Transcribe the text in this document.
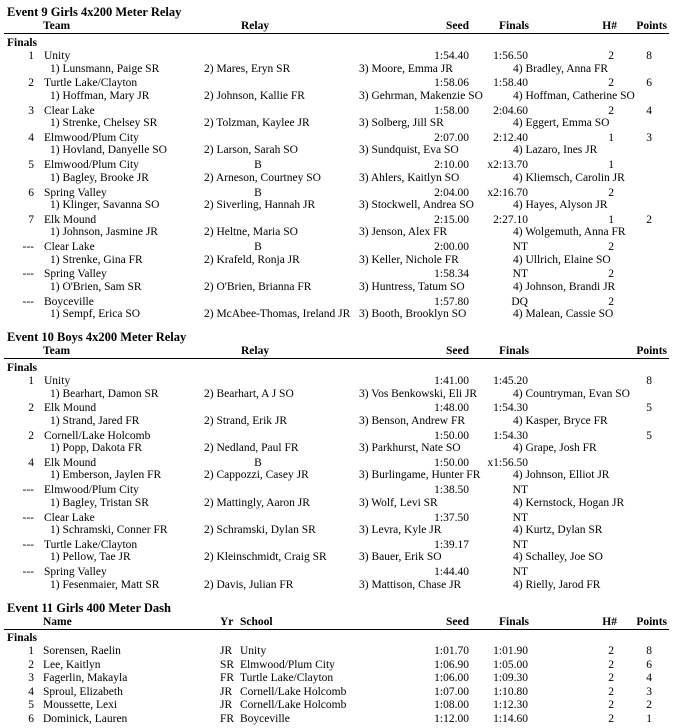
Event 9 Girls 4x200 Meter Relay
Team	Relay	Seed	Finals	H# Points
Finals
1 Unity	1:54.40 1:56.50	2	8
1) Lunsmann, Paige SR	2) Mares, Eryn SR	3) Moore, Emma JR	4) Bradley, Anna FR
2 Turtle Lake/Clayton	1:58.06 1:58.40	2	6
1) Hoffman, Mary JR	2) Johnson, Kallie FR	3) Gehrman, Makenzie SO	4) Hoffman, Catherine SO
3 Clear Lake	1:58.00 2:04.60	2	4
1) Strenke, Chelsey SR	2) Tolzman, Kaylee JR	3) Solberg, Jill SR	4) Eggert, Emma SO
4 Elmwood/Plum City	2:07.00 2:12.40	1	3
1) Hovland, Danyelle SO	2) Larson, Sarah SO	3) Sundquist, Eva SO	4) Lazaro, Ines JR
5 Elmwood/Plum City	B	2:10.00 x2:13.70	1
1) Bagley, Brooke JR	2) Arneson, Courtney SO	3) Ahlers, Kaitlyn SO	4) Kliemsch, Carolin JR
6 Spring Valley	B	2:04.00 x2:16.70	2
1) Klinger, Savanna SO	2) Siverling, Hannah JR	3) Stockwell, Andrea SO	4) Hayes, Alyson JR
7 Elk Mound	2:15.00 2:27.10	1	2
1) Johnson, Jasmine JR	2) Heltne, Maria SO	3) Jenson, Alex FR	4) Wolgemuth, Anna FR
--- Clear Lake	B	2:00.00	NT	2
1) Strenke, Gina FR	2) Krafeld, Ronja JR	3) Keller, Nichole FR	4) Ullrich, Elaine SO
--- Spring Valley	1:58.34	NT	2
1) O'Brien, Sam SR	2) O'Brien, Brianna FR	3) Huntress, Tatum SO	4) Johnson, Brandi JR
--- Boyceville	1:57.80	DQ	2
1) Sempf, Erica SO	2) McAbee-Thomas, Ireland JR 3) Booth, Brooklyn SO	4) Malean, Cassie SO
Event 10 Boys 4x200 Meter Relay
Team	Relay	Seed	Finals	Points
Finals
1 Unity	1:41.00 1:45.20	8
1) Bearhart, Damon SR	2) Bearhart, A J SO	3) Vos Benkowski, Eli JR	4) Countryman, Evan SO
2 Elk Mound	1:48.00 1:54.30	5
1) Strand, Jared FR	2) Strand, Erik JR	3) Benson, Andrew FR	4) Kasper, Bryce FR
2 Cornell/Lake Holcomb	1:50.00 1:54.30	5
1) Popp, Dakota FR	2) Nedland, Paul FR	3) Parkhurst, Nate SO	4) Grape, Josh FR
4 Elk Mound	B	1:50.00 x1:56.50
1) Emberson, Jaylen FR	2) Cappozzi, Casey JR	3) Burlingame, Hunter FR	4) Johnson, Elliot JR
--- Elmwood/Plum City	1:38.50	NT
1) Bagley, Tristan SR	2) Mattingly, Aaron JR	3) Wolf, Levi SR	4) Kernstock, Hogan JR
--- Clear Lake	1:37.50	NT
1) Schramski, Conner FR	2) Schramski, Dylan SR	3) Levra, Kyle JR	4) Kurtz, Dylan SR
--- Turtle Lake/Clayton	1:39.17	NT
1) Pellow, Tae JR	2) Kleinschmidt, Craig SR	3) Bauer, Erik SO	4) Schalley, Joe SO
--- Spring Valley	1:44.40	NT
1) Fesenmaier, Matt SR	2) Davis, Julian FR	3) Mattison, Chase JR	4) Rielly, Jarod FR
Event 11 Girls 400 Meter Dash
Name	Yr School	Seed	Finals	H# Points
Finals
1 Sorensen, Raelin	JR Unity	1:01.70 1:01.90	2	8
2 Lee, Kaitlyn	SR Elmwood/Plum City	1:06.90 1:05.00	2	6
3 Fagerlin, Makayla	FR Turtle Lake/Clayton	1:06.00 1:09.30	2	4
4 Sproul, Elizabeth	JR Cornell/Lake Holcomb	1:07.00 1:10.80	2	3
5 Moussette, Lexi	JR Cornell/Lake Holcomb	1:08.00 1:12.30	2	2
6 Dominick, Lauren	FR Boyceville	1:12.00 1:14.60	2	1
